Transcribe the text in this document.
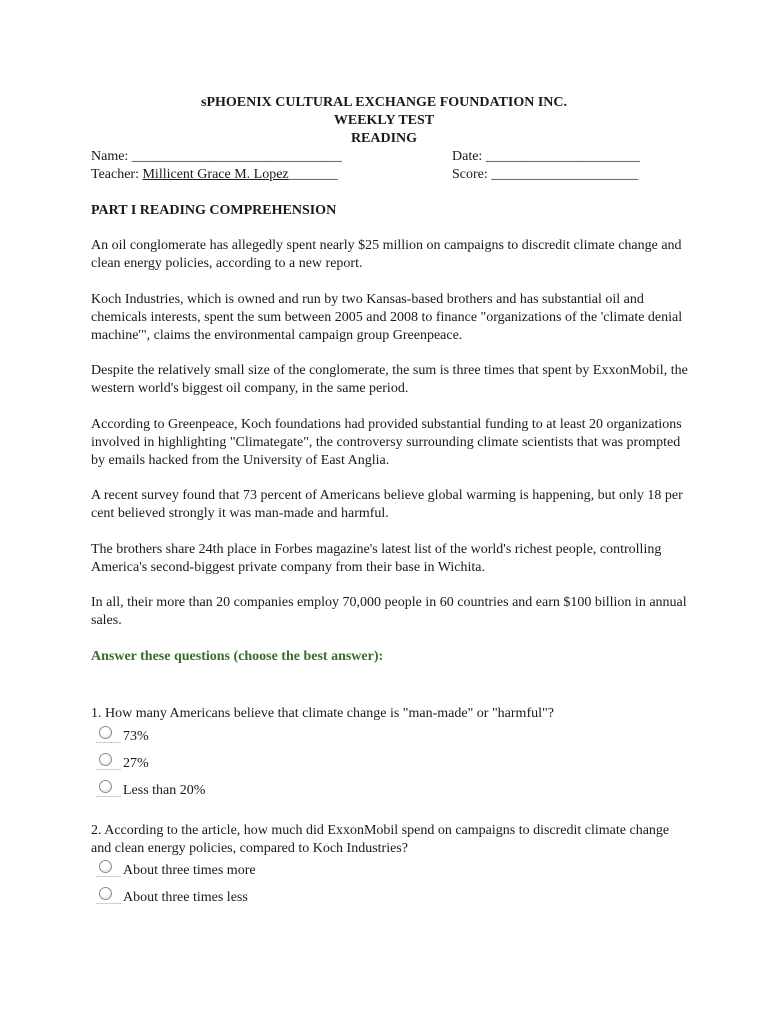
sPHOENIX CULTURAL EXCHANGE FOUNDATION INC.

WEEKLY TEST

READING

Name: ______________________________

Teacher: Millicent Grace M. Lopez_______

Date: ______________________

Score: _____________________

PART I READING COMPREHENSION

An oil conglomerate has allegedly spent nearly $25 million on campaigns to discredit climate change and clean energy policies, according to a new report.

Koch Industries, which is owned and run by two Kansas-based brothers and has substantial oil and chemicals interests, spent the sum between 2005 and 2008 to finance "organizations of the 'climate denial machine'", claims the environmental campaign group Greenpeace.

Despite the relatively small size of the conglomerate, the sum is three times that spent by ExxonMobil, the western world's biggest oil company, in the same period.

According to Greenpeace, Koch foundations had provided substantial funding to at least 20 organizations involved in highlighting "Climategate", the controversy surrounding climate scientists that was prompted by emails hacked from the University of East Anglia.

A recent survey found that 73 percent of Americans believe global warming is happening, but only 18 per cent believed strongly it was man-made and harmful.

The brothers share 24th place in Forbes magazine's latest list of the world's richest people, controlling America's second-biggest private company from their base in Wichita.

In all, their more than 20 companies employ 70,000 people in 60 countries and earn $100 billion in annual sales.

Answer these questions (choose the best answer):

1. How many Americans believe that climate change is "man-made" or "harmful"?

73%
27%
Less than 20%

2. According to the article, how much did ExxonMobil spend on campaigns to discredit climate change and clean energy policies, compared to Koch Industries?

About three times more
About three times less
